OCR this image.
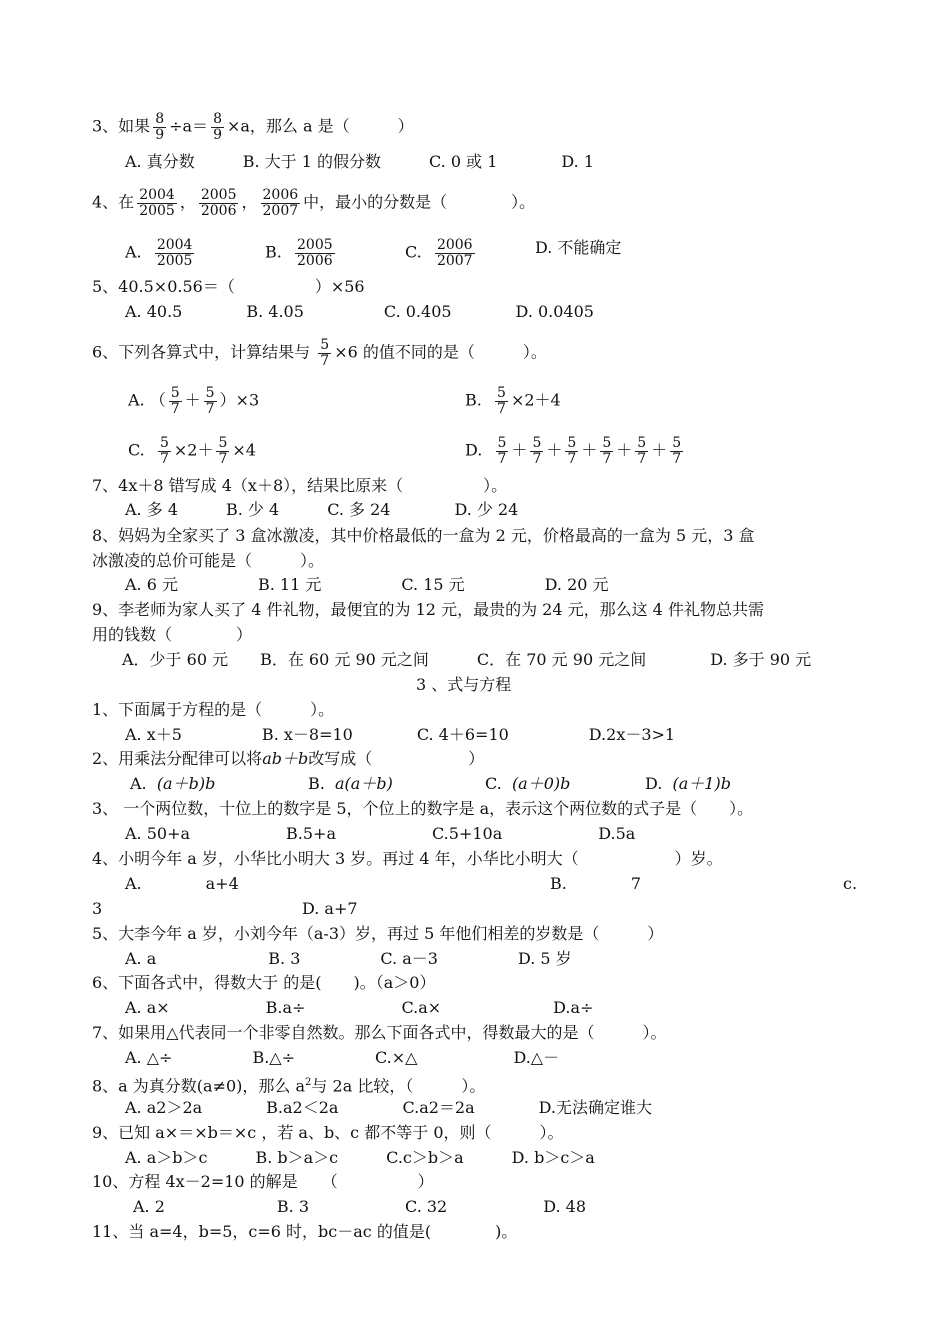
3、如果 $\frac{8}{9} \div a= \frac{8}{9} \times a$，那么 a 是（　　　）
A. 真分数　　　B. 大于 1 的假分数　　　C. 0 或 1　　　　D. 1
4、在 $\frac{2004}{2005}$ ， $\frac{2005}{2006}$ ， $\frac{2006}{2007}$ 中，最小的分数是（　　　　）。
A. $\frac{2004}{2005}$	B. $\frac{2005}{2006}$	C. $\frac{2006}{2007}$	D. 不能确定
5、40.5×0.56＝（　　　　　）×56
A. 40.5　　　　B. 4.05　　　　　C. 0.405　　　　D. 0.0405
6、下列各算式中，计算结果与 $\frac{5}{7} \times 6$ 的值不同的是（　　　）。
A. （ $\frac{5}{7} + \frac{5}{7} )\times 3$	B. $\frac{5}{7} \times 2+4$
C. $\frac{5}{7} \times 2+ \frac{5}{7} \times 4$	D. $\frac{5}{7} + \frac{5}{7} + \frac{5}{7} + \frac{5}{7} + \frac{5}{7} + \frac{5}{7}$
7、4x＋8 错写成 4（x＋8），结果比原来（　　　　　）。
A. 多 4　　　B. 少 4　　　C. 多 24　　　　D. 少 24
8、妈妈为全家买了 3 盒冰激凌，其中价格最低的一盒为 2 元，价格最高的一盒为 5 元，3 盒
冰激凌的总价可能是（　　　）。
A. 6 元　　　　　B. 11 元　　　　　C. 15 元　　　　　D. 20 元
9、李老师为家人买了 4 件礼物，最便宜的为 12 元，最贵的为 24 元，那么这 4 件礼物总共需
用的钱数（　　　　）
A．少于 60 元　　B．在 60 元 90 元之间　　　C．在 70 元 90 元之间　　　　D. 多于 90 元
3 、式与方程
1、下面属于方程的是（　　　）。
A. x＋5　　　　　B. x－8=10　　　　C. 4＋6=10　　　　　D.2x－3>1
2、用乘法分配律可以将ab＋b改写成（　　　　　　）
A. (a＋b)b	B. a(a＋b)	C. (a＋0)b	D. (a＋1)b
3、 一个两位数，十位上的数字是 5，个位上的数字是 a，表示这个两位数的式子是（　　）。
A. 50+a　　　　　　B.5+a　　　　　　C.5+10a　　　　　　D.5a
4、小明今年 a 岁，小华比小明大 3 岁。再过 4 年，小华比小明大（　　　　　　）岁。
A.　　　　a+4	B.　　　　7	c.
3	D. a+7
5、大李今年 a 岁，小刘今年（a-3）岁，再过 5 年他们相差的岁数是（　　　）
A. a　　　　　　　B. 3　　　　　C. a－3　　　　　D. 5 岁
6、下面各式中，得数大于 的是(　　)。（a＞0）
A. a×　　　　　　B.a÷　　　　　　C.a×　　　　　　　D.a÷
7、如果用△代表同一个非零自然数。那么下面各式中，得数最大的是（　　　）。
A. △÷　　　　　B.△÷　　　　　C.×△　　　　　　D.△－
8、a 为真分数(a≠0)，那么 $a^2$与 2a 比较，（　　　）。
A. a2＞2a　　　　B.a2＜2a　　　　C.a2＝2a　　　　D.无法确定谁大
9、已知 a×＝×b＝×c ，若 a、b、c 都不等于 0，则（　　　）。
A. a＞b＞c　　　B. b＞a＞c　　　C.c＞b＞a　　　D. b＞c＞a
10、方程 4x－2=10 的解是　　（　　　　　）
A. 2　　　　　　　B. 3　　　　　　C. 32　　　　　　D. 48
11、当 a=4，b=5，c=6 时，bc－ac 的值是(　　　　)。
